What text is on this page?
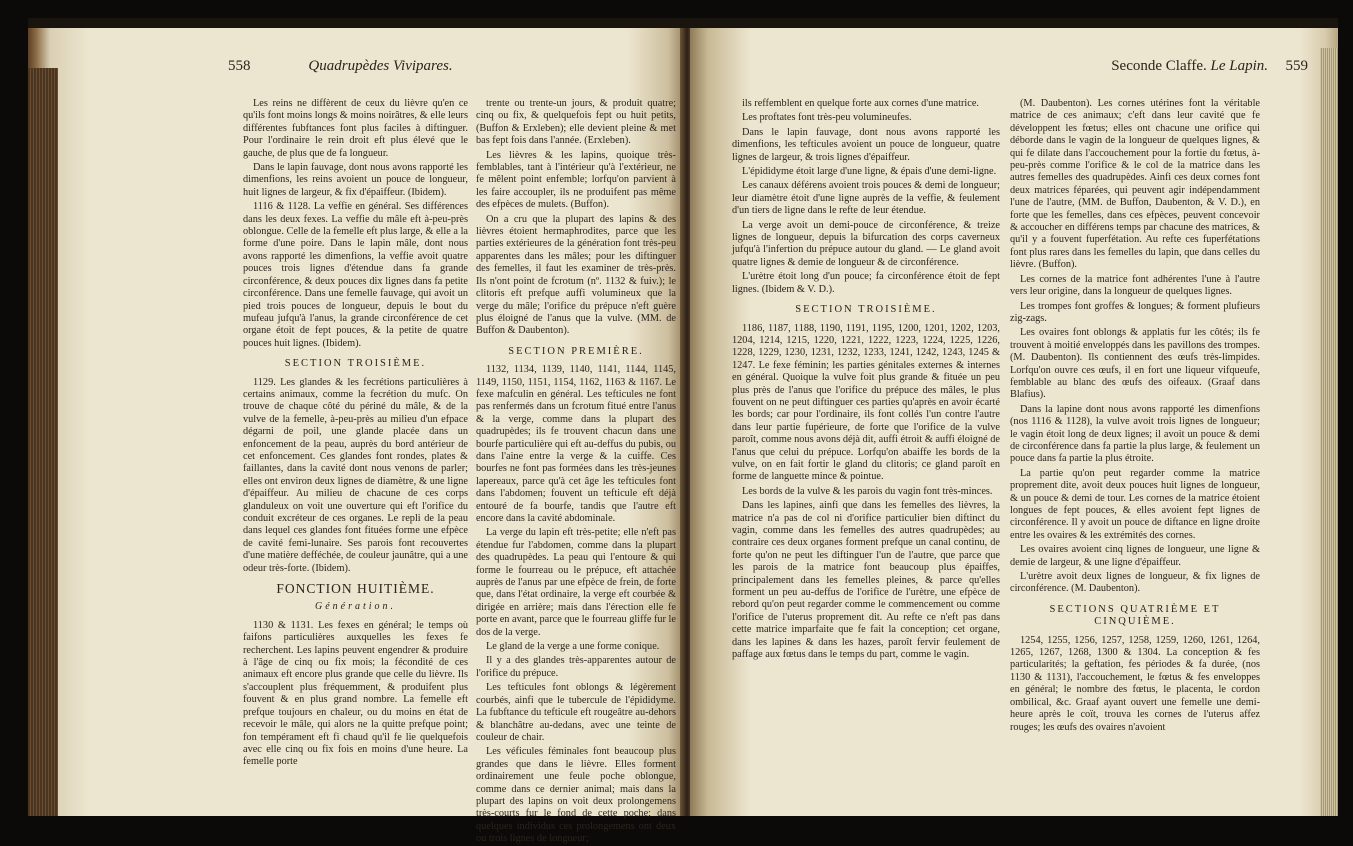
558	Quadrupèdes Vivipares.

Les reins ne diffèrent de ceux du lièvre qu'en ce qu'ils font moins longs & moins noirâtres, & elle leurs différentes fubftances font plus faciles à diftinguer. Pour l'ordinaire le rein droit eft plus élevé que le gauche, de plus que de fa longueur.

Dans le lapin fauvage, dont nous avons rapporté les dimenfions, les reins avoient un pouce de longueur, huit lignes de largeur, & fix d'épaiffeur. (Ibidem).

1116 & 1128. La veffie en général. Ses différences dans les deux fexes. La veffie du mâle eft à-peu-près oblongue. Celle de la femelle eft plus large, & elle a la forme d'une poire. Dans le lapin mâle, dont nous avons rapporté les dimenfions, la veffie avoit quatre pouces trois lignes d'étendue dans fa grande circonférence, & deux pouces dix lignes dans fa petite circonférence. Dans une femelle fauvage, qui avoit un pied trois pouces de longueur, depuis le bout du mufeau jufqu'à l'anus, la grande circonférence de cet organe étoit de fept pouces, & la petite de quatre pouces huit lignes. (Ibidem).

SECTION TROISIÈME.

1129. Les glandes & les fecrétions particulières à certains animaux, comme la fecrétion du mufc. On trouve de chaque côté du périné du mâle, & de la vulve de la femelle, à-peu-près au milieu d'un efpace dégarni de poil, une glande placée dans un enfoncement de la peau, auprès du bord antérieur de cet enfoncement. Ces glandes font rondes, plates & faillantes, dans la cavité dont nous venons de parler; elles ont environ deux lignes de diamètre, & une ligne d'épaiffeur. Au milieu de chacune de ces corps glanduleux on voit une ouverture qui eft l'orifice du conduit excréteur de ces organes. Le repli de la peau dans lequel ces glandes font fituées forme une efpèce de cavité femi-lunaire. Ses parois font recouvertes d'une matière defféchée, de couleur jaunâtre, qui a une odeur très-forte. (Ibidem).

FONCTION HUITIÈME.
Génération.

1130 & 1131. Les fexes en général; le temps où faifons particulières auxquelles les fexes fe recherchent. Les lapins peuvent engendrer & produire à l'âge de cinq ou fix mois; la fécondité de ces animaux eft encore plus grande que celle du lièvre. Ils s'accouplent plus fréquemment, & produifent plus fouvent & en plus grand nombre. La femelle eft prefque toujours en chaleur, ou du moins en état de recevoir le mâle, qui alors ne la quitte prefque point; fon tempérament eft fi chaud qu'il fe lie quelquefois avec elle cinq ou fix fois en moins d'une heure. La femelle porte

trente ou trente-un jours, & produit quatre; cinq ou fix, & quelquefois fept ou huit petits, (Buffon & Erxleben); elle devient pleine & met bas fept fois dans l'année. (Erxleben).

Les lièvres & les lapins, quoique très-femblables, tant à l'intérieur qu'à l'extérieur, ne fe mêlent point enfemble; lorfqu'on parvient à les faire accoupler, ils ne produifent pas même des efpèces de mulets. (Buffon).

On a cru que la plupart des lapins & des lièvres étoient hermaphrodites, parce que les parties extérieures de la génération font très-peu apparentes dans les mâles; pour les diftinguer des femelles, il faut les examiner de très-près. Ils n'ont point de fcrotum (nº. 1132 & fuiv.); le clitoris eft prefque auffi volumineux que la verge du mâle; l'orifice du prépuce n'eft guère plus éloigné de l'anus que la vulve. (MM. de Buffon & Daubenton).

SECTION PREMIÈRE.

1132, 1134, 1139, 1140, 1141, 1144, 1145, 1149, 1150, 1151, 1154, 1162, 1163 & 1167. Le fexe mafculin en général. Les tefticules ne font pas renfermés dans un fcrotum fitué entre l'anus & la verge, comme dans la plupart des quadrupèdes; ils fe trouvent chacun dans une bourfe particulière qui eft au-deffus du pubis, ou dans l'aine entre la verge & la cuiffe. Ces bourfes ne font pas formées dans les très-jeunes lapereaux, parce qu'à cet âge les tefticules font dans l'abdomen; fouvent un tefticule eft déjà entouré de fa bourfe, tandis que l'autre eft encore dans la cavité abdominale.

La verge du lapin eft très-petite; elle n'eft pas étendue fur l'abdomen, comme dans la plupart des quadrupèdes. La peau qui l'entoure & qui forme le fourreau ou le prépuce, eft attachée auprès de l'anus par une efpèce de frein, de forte que, dans l'état ordinaire, la verge eft courbée & dirigée en arrière; mais dans l'érection elle fe porte en avant, parce que le fourreau gliffe fur le dos de la verge.

Le gland de la verge a une forme conique.

Il y a des glandes très-apparentes autour de l'orifice du prépuce.

Les tefticules font oblongs & légèrement courbés, ainfi que le tubercule de l'épididyme. La fubftance du tefticule eft rougeâtre au-dehors & blanchâtre au-dedans, avec une teinte de couleur de chair.

Les véficules féminales font beaucoup plus grandes que dans le lièvre. Elles forment ordinairement une feule poche oblongue, comme dans ce dernier animal; mais dans la plupart des lapins on voit deux prolongemens très-courts fur le fond de cette poche; dans quelques individus ces prolongemens ont deux ou trois lignes de longueur;

Seconde Claffe. Le Lapin. 559

ils reffemblent en quelque forte aux cornes d'une matrice.

Les proftates font très-peu volumineufes.

Dans le lapin fauvage, dont nous avons rapporté les dimenfions, les tefticules avoient un pouce de longueur, quatre lignes de largeur, & trois lignes d'épaiffeur.

L'épididyme étoit large d'une ligne, & épais d'une demi-ligne.

Les canaux déférens avoient trois pouces & demi de longueur; leur diamètre étoit d'une ligne auprès de la veffie, & feulement d'un tiers de ligne dans le refte de leur étendue.

La verge avoit un demi-pouce de circonférence, & treize lignes de longueur, depuis la bifurcation des corps caverneux jufqu'à l'infertion du prépuce autour du gland. — Le gland avoit quatre lignes & demie de longueur & de circonférence.

L'urètre étoit long d'un pouce; fa circonférence étoit de fept lignes. (Ibidem & V. D.).

SECTION TROISIÈME.

1186, 1187, 1188, 1190, 1191, 1195, 1200, 1201, 1202, 1203, 1204, 1214, 1215, 1220, 1221, 1222, 1223, 1224, 1225, 1226, 1228, 1229, 1230, 1231, 1232, 1233, 1241, 1242, 1243, 1245 & 1247. Le fexe féminin; les parties génitales externes & internes en général. Quoique la vulve foit plus grande & fituée un peu plus près de l'anus que l'orifice du prépuce des mâles, le plus fouvent on ne peut diftinguer ces parties qu'après en avoir écarté les bords; car pour l'ordinaire, ils font collés l'un contre l'autre dans leur partie fupérieure, de forte que l'orifice de la vulve paroît, comme nous avons déjà dit, auffi étroit & auffi éloigné de l'anus que celui du prépuce. Lorfqu'on abaiffe les bords de la vulve, on en fait fortir le gland du clitoris; ce gland paroît en forme de languette mince & pointue.

Les bords de la vulve & les parois du vagin font très-minces.

Dans les lapines, ainfi que dans les femelles des lièvres, la matrice n'a pas de col ni d'orifice particulier bien diftinct du vagin, comme dans les femelles des autres quadrupèdes; au contraire ces deux organes forment prefque un canal continu, de forte qu'on ne peut les diftinguer l'un de l'autre, que parce que les parois de la matrice font beaucoup plus épaiffes, principalement dans les femelles pleines, & parce qu'elles forment un peu au-deffus de l'orifice de l'urètre, une efpèce de rebord qu'on peut regarder comme le commencement ou comme l'orifice de l'uterus proprement dit. Au refte ce n'eft pas dans cette matrice imparfaite que fe fait la conception; cet organe, dans les lapines & dans les hazes, paroît fervir feulement de paffage aux fœtus dans le temps du part, comme le vagin.

(M. Daubenton). Les cornes utérines font la véritable matrice de ces animaux; c'eft dans leur cavité que fe développent les fœtus; elles ont chacune une orifice qui déborde dans le vagin de la longueur de quelques lignes, & qui fe dilate dans l'accouchement pour la fortie du fœtus, à-peu-près comme l'orifice & le col de la matrice dans les autres femelles des quadrupèdes. Ainfi ces deux cornes font deux matrices féparées, qui peuvent agir indépendamment l'une de l'autre, (MM. de Buffon, Daubenton, & V. D.), en forte que les femelles, dans ces efpèces, peuvent concevoir & accoucher en différens temps par chacune des matrices, & qu'il y a fouvent fuperfétation. Au refte ces fuperfétations font plus rares dans les femelles du lapin, que dans celles du lièvre. (Buffon).

Les cornes de la matrice font adhérentes l'une à l'autre vers leur origine, dans la longueur de quelques lignes.

Les trompes font groffes & longues; & forment plufieurs zig-zags.

Les ovaires font oblongs & applatis fur les côtés; ils fe trouvent à moitié enveloppés dans les pavillons des trompes.(M. Daubenton). Ils contiennent des œufs très-limpides. Lorfqu'on ouvre ces œufs, il en fort une liqueur vifqueufe, femblable au blanc des œufs des oifeaux. (Graaf dans Blafius).

Dans la lapine dont nous avons rapporté les dimenfions (nos 1116 & 1128), la vulve avoit trois lignes de longueur; le vagin étoit long de deux lignes; il avoit un pouce & demi de circonférence dans fa partie la plus large, & feulement un pouce dans fa partie la plus étroite.

La partie qu'on peut regarder comme la matrice proprement dite, avoit deux pouces huit lignes de longueur, & un pouce & demi de tour. Les cornes de la matrice étoient longues de fept pouces, & elles avoient fept lignes de circonférence. Il y avoit un pouce de diftance en ligne droite entre les ovaires & les extrémités des cornes.

Les ovaires avoient cinq lignes de longueur, une ligne & demie de largeur, & une ligne d'épaiffeur.

L'urètre avoit deux lignes de longueur, & fix lignes de circonférence. (M. Daubenton).

SECTIONS QUATRIÈME ET CINQUIÈME.

1254, 1255, 1256, 1257, 1258, 1259, 1260, 1261, 1264, 1265, 1267, 1268, 1300 & 1304. La conception & fes particularités; la geftation, fes périodes & fa durée, (nos 1130 & 1131), l'accouchement, le fœtus & fes enveloppes en général; le nombre des fœtus, le placenta, le cordon ombilical, &c. Graaf ayant ouvert une femelle une demi-heure après le coït, trouva les cornes de l'uterus affez rouges; les œufs des ovaires n'avoient
